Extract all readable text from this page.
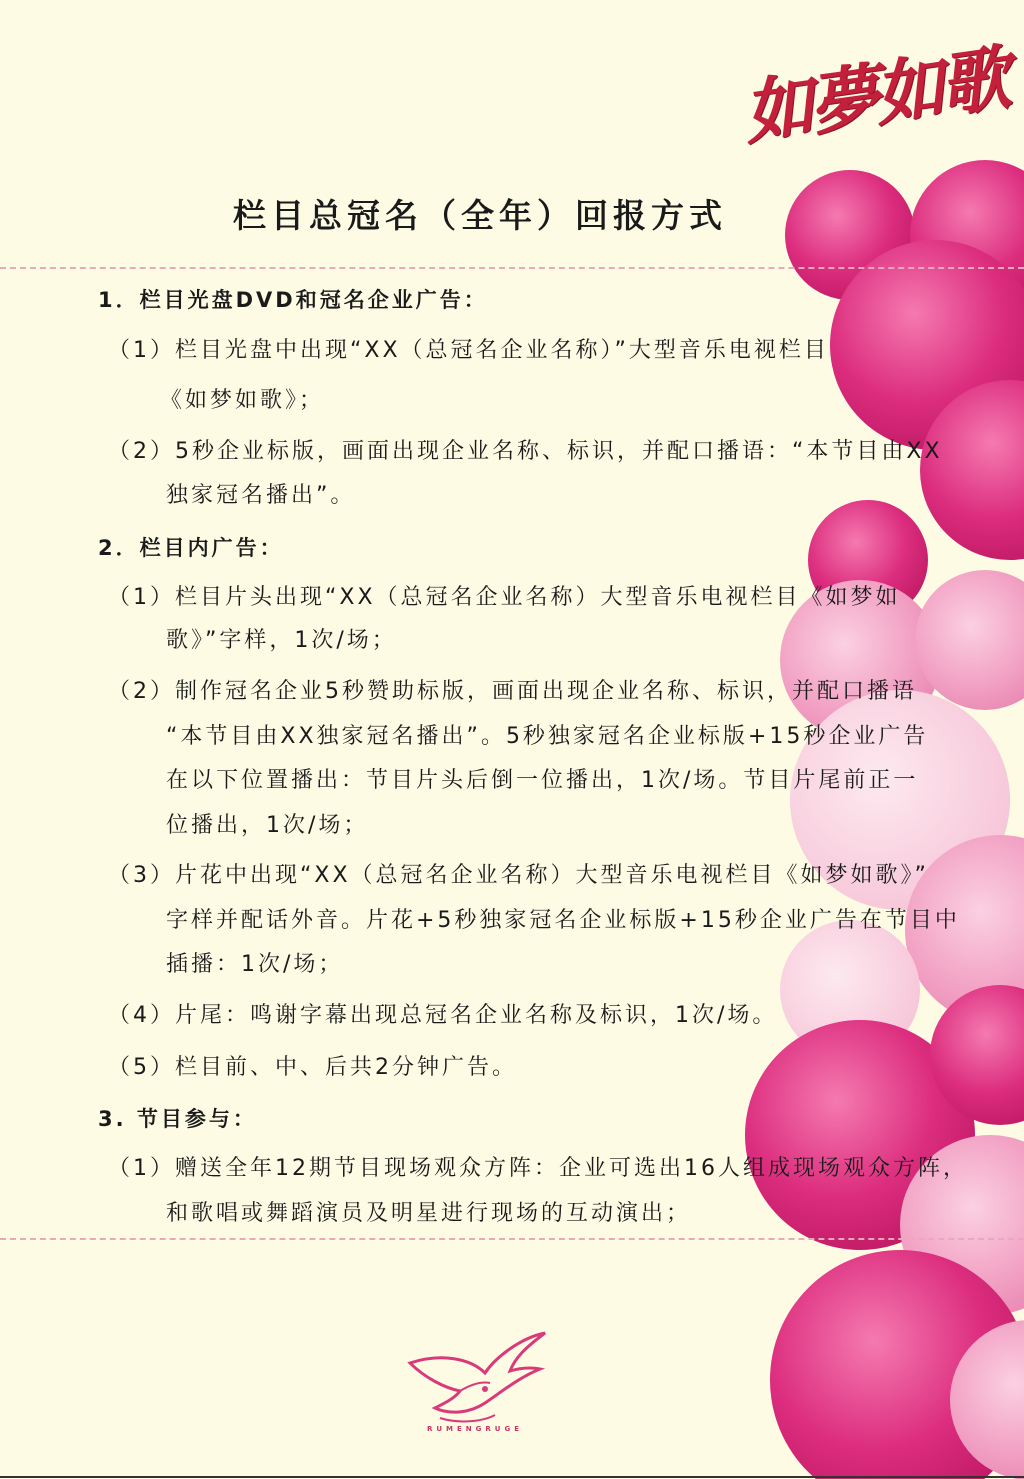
如夢如歌
栏目总冠名（全年）回报方式
1．栏目光盘DVD和冠名企业广告：
（1）栏目光盘中出现“XX（总冠名企业名称）”大型音乐电视栏目
《如梦如歌》；
（2）5秒企业标版，画面出现企业名称、标识，并配口播语：“本节目由XX
独家冠名播出”。
2．栏目内广告：
（1）栏目片头出现“XX（总冠名企业名称）大型音乐电视栏目《如梦如
歌》”字样，1次/场；
（2）制作冠名企业5秒赞助标版，画面出现企业名称、标识，并配口播语
“本节目由XX独家冠名播出”。5秒独家冠名企业标版+15秒企业广告
在以下位置播出：节目片头后倒一位播出，1次/场。节目片尾前正一
位播出，1次/场；
（3）片花中出现“XX（总冠名企业名称）大型音乐电视栏目《如梦如歌》”
字样并配话外音。片花+5秒独家冠名企业标版+15秒企业广告在节目中
插播：1次/场；
（4）片尾：鸣谢字幕出现总冠名企业名称及标识，1次/场。
（5）栏目前、中、后共2分钟广告。
3. 节目参与：
（1）赠送全年12期节目现场观众方阵：企业可选出16人组成现场观众方阵，
和歌唱或舞蹈演员及明星进行现场的互动演出；
RUMENGRUGE
